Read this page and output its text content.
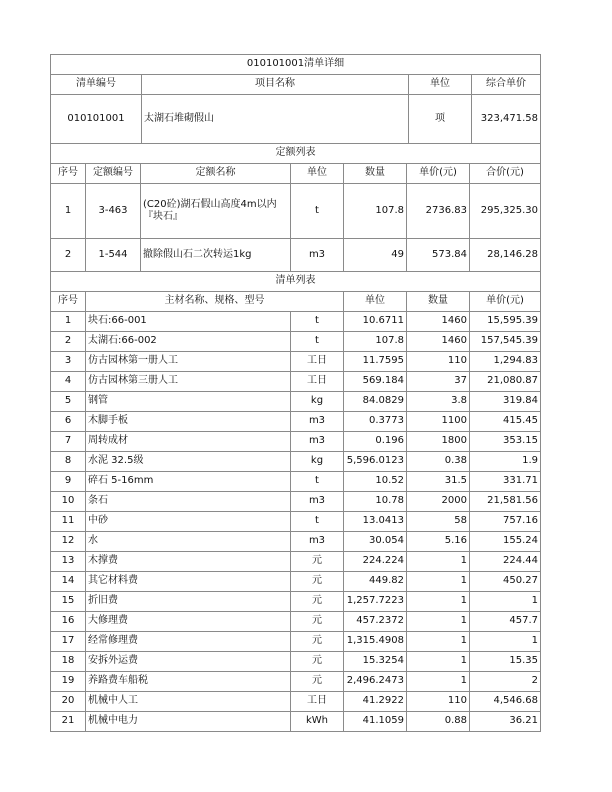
010101001清单详细			
清单编号	项目名称	单位	综合单价
010101001	太湖石堆砌假山	项	323,471.58
定额列表			
序号	定额编号	定额名称	单位	数量	单价(元)	合价(元)	
1	3-463	(C20砼)湖石假山高度4m以内『块石』	t	107.8	2736.83	295,325.30	
2	1-544	撤除假山石二次转运1kg	m3	49	573.84	28,146.28	
清单列表							
序号	主材名称、规格、型号			单位	数量	单价(元)	
1	块石:66-001		t	10.6711	1460	15,595.39	
2	太湖石:66-002		t	107.8	1460	157,545.39	
3	仿古园林第一册人工		工日	11.7595	110	1,294.83	
4	仿古园林第三册人工		工日	569.184	37	21,080.87	
5	钢管		kg	84.0829	3.8	319.84	
6	木脚手板		m3	0.3773	1100	415.45	
7	周转成材		m3	0.196	1800	353.15	
8	水泥 32.5级		kg	5,596.0123	0.38	1.9	
9	碎石 5-16mm		t	10.52	31.5	331.71	
10	条石		m3	10.78	2000	21,581.56	
11	中砂		t	13.0413	58	757.16	
12	水		m3	30.054	5.16	155.24	
13	木撑费		元	224.224	1	224.44	
14	其它材料费		元	449.82	1	450.27	
15	折旧费		元	1,257.7223	1	1	
16	大修理费		元	457.2372	1	457.7	
17	经常修理费		元	1,315.4908	1	1	
18	安拆外运费		元	15.3254	1	15.35	
19	养路费车船税		元	2,496.2473	1	2	
20	机械中人工		工日	41.2922	110	4,546.68	
21	机械中电力		kWh	41.1059	0.88	36.21	
